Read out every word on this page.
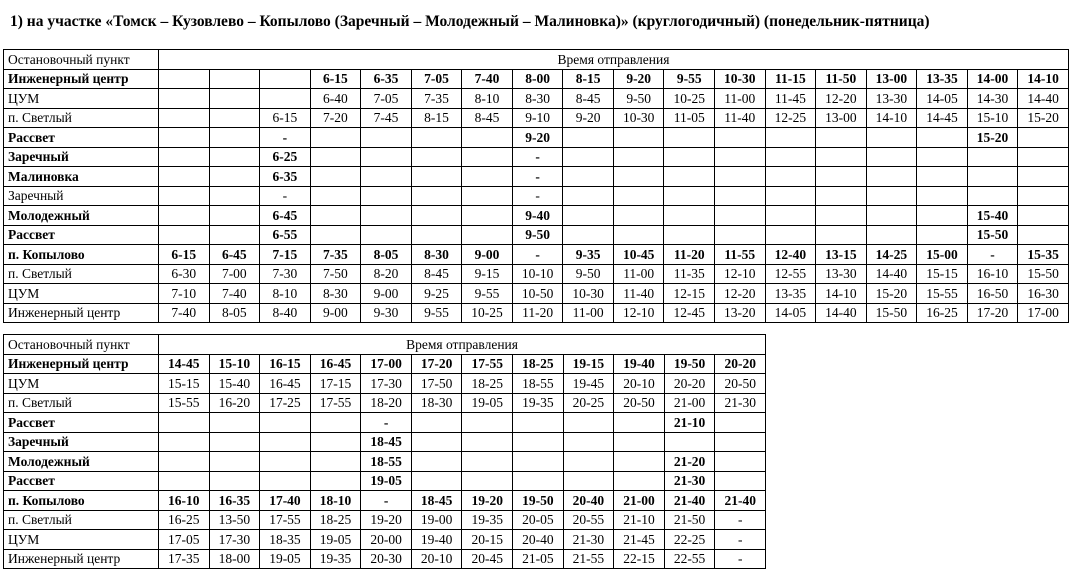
1) на участке «Томск – Кузовлево – Копылово (Заречный – Молодежный – Малиновка)» (круглогодичный) (понедельник-пятница)
Остановочный пункт	Время отправления																	
Инженерный центр				6-15	6-35	7-05	7-40	8-00	8-15	9-20	9-55	10-30	11-15	11-50	13-00	13-35	14-00	14-10
ЦУМ				6-40	7-05	7-35	8-10	8-30	8-45	9-50	10-25	11-00	11-45	12-20	13-30	14-05	14-30	14-40
п. Светлый			6-15	7-20	7-45	8-15	8-45	9-10	9-20	10-30	11-05	11-40	12-25	13-00	14-10	14-45	15-10	15-20
Рассвет			-					9-20									15-20	
Заречный			6-25					-										
Малиновка			6-35					-										
Заречный			-					-										
Молодежный			6-45					9-40									15-40	
Рассвет			6-55					9-50									15-50	
п. Копылово	6-15	6-45	7-15	7-35	8-05	8-30	9-00	-	9-35	10-45	11-20	11-55	12-40	13-15	14-25	15-00	-	15-35
п. Светлый	6-30	7-00	7-30	7-50	8-20	8-45	9-15	10-10	9-50	11-00	11-35	12-10	12-55	13-30	14-40	15-15	16-10	15-50
ЦУМ	7-10	7-40	8-10	8-30	9-00	9-25	9-55	10-50	10-30	11-40	12-15	12-20	13-35	14-10	15-20	15-55	16-50	16-30
Инженерный центр	7-40	8-05	8-40	9-00	9-30	9-55	10-25	11-20	11-00	12-10	12-45	13-20	14-05	14-40	15-50	16-25	17-20	17-00
Остановочный пункт	Время отправления											
Инженерный центр	14-45	15-10	16-15	16-45	17-00	17-20	17-55	18-25	19-15	19-40	19-50	20-20
ЦУМ	15-15	15-40	16-45	17-15	17-30	17-50	18-25	18-55	19-45	20-10	20-20	20-50
п. Светлый	15-55	16-20	17-25	17-55	18-20	18-30	19-05	19-35	20-25	20-50	21-00	21-30
Рассвет					-						21-10	
Заречный					18-45							
Молодежный					18-55						21-20	
Рассвет					19-05						21-30	
п. Копылово	16-10	16-35	17-40	18-10	-	18-45	19-20	19-50	20-40	21-00	21-40	21-40
п. Светлый	16-25	13-50	17-55	18-25	19-20	19-00	19-35	20-05	20-55	21-10	21-50	-
ЦУМ	17-05	17-30	18-35	19-05	20-00	19-40	20-15	20-40	21-30	21-45	22-25	-
Инженерный центр	17-35	18-00	19-05	19-35	20-30	20-10	20-45	21-05	21-55	22-15	22-55	-
